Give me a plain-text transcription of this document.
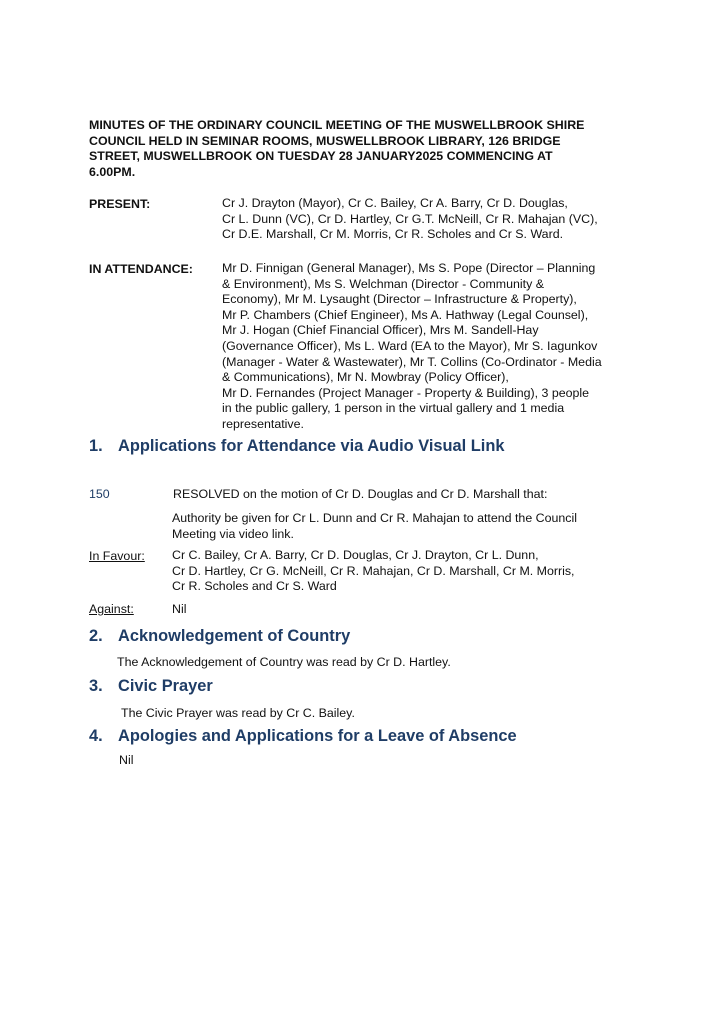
MINUTES OF THE ORDINARY COUNCIL MEETING OF THE MUSWELLBROOK SHIRE
COUNCIL HELD IN SEMINAR ROOMS, MUSWELLBROOK LIBRARY, 126 BRIDGE
STREET, MUSWELLBROOK ON TUESDAY 28 JANUARY2025 COMMENCING AT
6.00PM.
PRESENT:	Cr J. Drayton (Mayor), Cr C. Bailey, Cr A. Barry, Cr D. Douglas,
Cr L. Dunn (VC), Cr D. Hartley, Cr G.T. McNeill, Cr R. Mahajan (VC),
Cr D.E. Marshall, Cr M. Morris, Cr R. Scholes and Cr S. Ward.
IN ATTENDANCE: Mr D. Finnigan (General Manager), Ms S. Pope (Director – Planning
& Environment), Ms S. Welchman (Director - Community &
Economy), Mr M. Lysaught (Director – Infrastructure & Property),
Mr P. Chambers (Chief Engineer), Ms A. Hathway (Legal Counsel),
Mr J. Hogan (Chief Financial Officer), Mrs M. Sandell-Hay
(Governance Officer), Ms L. Ward (EA to the Mayor), Mr S. Iagunkov
(Manager - Water & Wastewater), Mr T. Collins (Co-Ordinator - Media
& Communications), Mr N. Mowbray (Policy Officer),
Mr D. Fernandes (Project Manager - Property & Building), 3 people
in the public gallery, 1 person in the virtual gallery and 1 media
representative.
1. Applications for Attendance via Audio Visual Link
150	RESOLVED on the motion of Cr D. Douglas and Cr D. Marshall that:
Authority be given for Cr L. Dunn and Cr R. Mahajan to attend the Council
Meeting via video link.
In Favour: Cr C. Bailey, Cr A. Barry, Cr D. Douglas, Cr J. Drayton, Cr L. Dunn,
Cr D. Hartley, Cr G. McNeill, Cr R. Mahajan, Cr D. Marshall, Cr M. Morris,
Cr R. Scholes and Cr S. Ward
Against:	Nil
2. Acknowledgement of Country
The Acknowledgement of Country was read by Cr D. Hartley.
3. Civic Prayer
The Civic Prayer was read by Cr C. Bailey.
4. Apologies and Applications for a Leave of Absence
Nil
